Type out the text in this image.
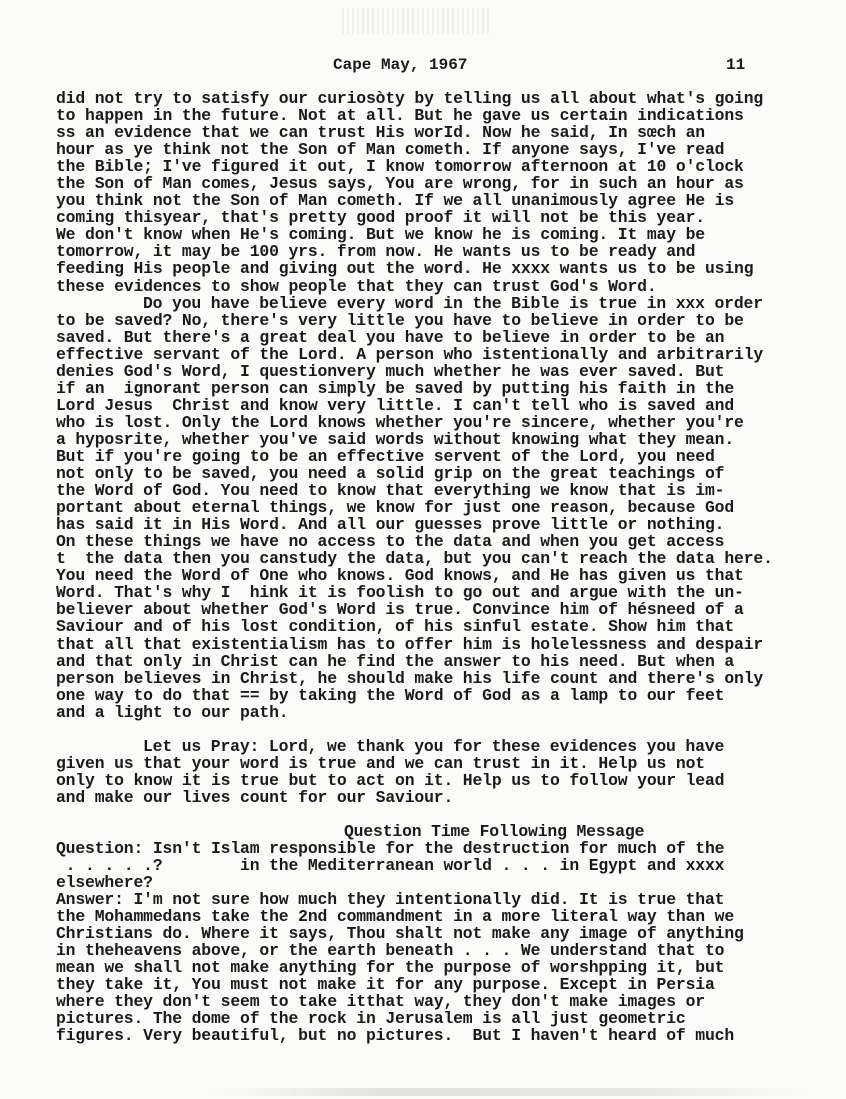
Cape May, 1967	11
did not try to satisfy our curiosòty by telling us all about what's going
to happen in the future. Not at all. But he gave us certain indications
ss an evidence that we can trust His worId. Now he said, In sœch an
hour as ye think not the Son of Man cometh. If anyone says, I've read
the Bible; I've figured it out, I know tomorrow afternoon at 10 o'clock
the Son of Man comes, Jesus says, You are wrong, for in such an hour as
you think not the Son of Man cometh. If we all unanimously agree He is
coming thisyear, that's pretty good proof it will not be this year.
We don't know when He's coming. But we know he is coming. It may be
tomorrow, it may be 100 yrs. from now. He wants us to be ready and
feeding His people and giving out the word. He xxxx wants us to be using
these evidences to show people that they can trust God's Word.
Do you have believe every word in the Bible is true in xxx order
to be saved? No, there's very little you have to believe in order to be
saved. But there's a great deal you have to believe in order to be an
effective servant of the Lord. A person who istentionally and arbitrarily
denies God's Word, I questionvery much whether he was ever saved. But
if an  ignorant person can simply be saved by putting his faith in the
Lord Jesus  Christ and know very little. I can't tell who is saved and
who is lost. Only the Lord knows whether you're sincere, whether you're
a hyposrite, whether you've said words without knowing what they mean.
But if you're going to be an effective servent of the Lord, you need
not only to be saved, you need a solid grip on the great teachings of
the Word of God. You need to know that everything we know that is im-
portant about eternal things, we know for just one reason, because God
has said it in His Word. And all our guesses prove little or nothing.
On these things we have no access to the data and when you get access
t  the data then you canstudy the data, but you can't reach the data here.
You need the Word of One who knows. God knows, and He has given us that
Word. That's why I  hink it is foolish to go out and argue with the un-
believer about whether God's Word is true. Convince him of hésneed of a
Saviour and of his lost condition, of his sinful estate. Show him that
that all that existentialism has to offer him is holelessness and despair
and that only in Christ can he find the answer to his need. But when a
person believes in Christ, he should make his life count and there's only
one way to do that == by taking the Word of God as a lamp to our feet
and a light to our path.
Let us Pray: Lord, we thank you for these evidences you have
given us that your word is true and we can trust in it. Help us not
only to know it is true but to act on it. Help us to follow your lead
and make our lives count for our Saviour.
Question Time Following Message
Question: Isn't Islam responsible for the destruction for much of the
. . . . .?        in the Mediterranean world . . . in Egypt and xxxx
elsewhere?
Answer: I'm not sure how much they intentionally did. It is true that
the Mohammedans take the 2nd commandment in a more literal way than we
Christians do. Where it says, Thou shalt not make any image of anything
in theheavens above, or the earth beneath . . . We understand that to
mean we shall not make anything for the purpose of worshpping it, but
they take it, You must not make it for any purpose. Except in Persia
where they don't seem to take itthat way, they don't make images or
pictures. The dome of the rock in Jerusalem is all just geometric
figures. Very beautiful, but no pictures.  But I haven't heard of much
